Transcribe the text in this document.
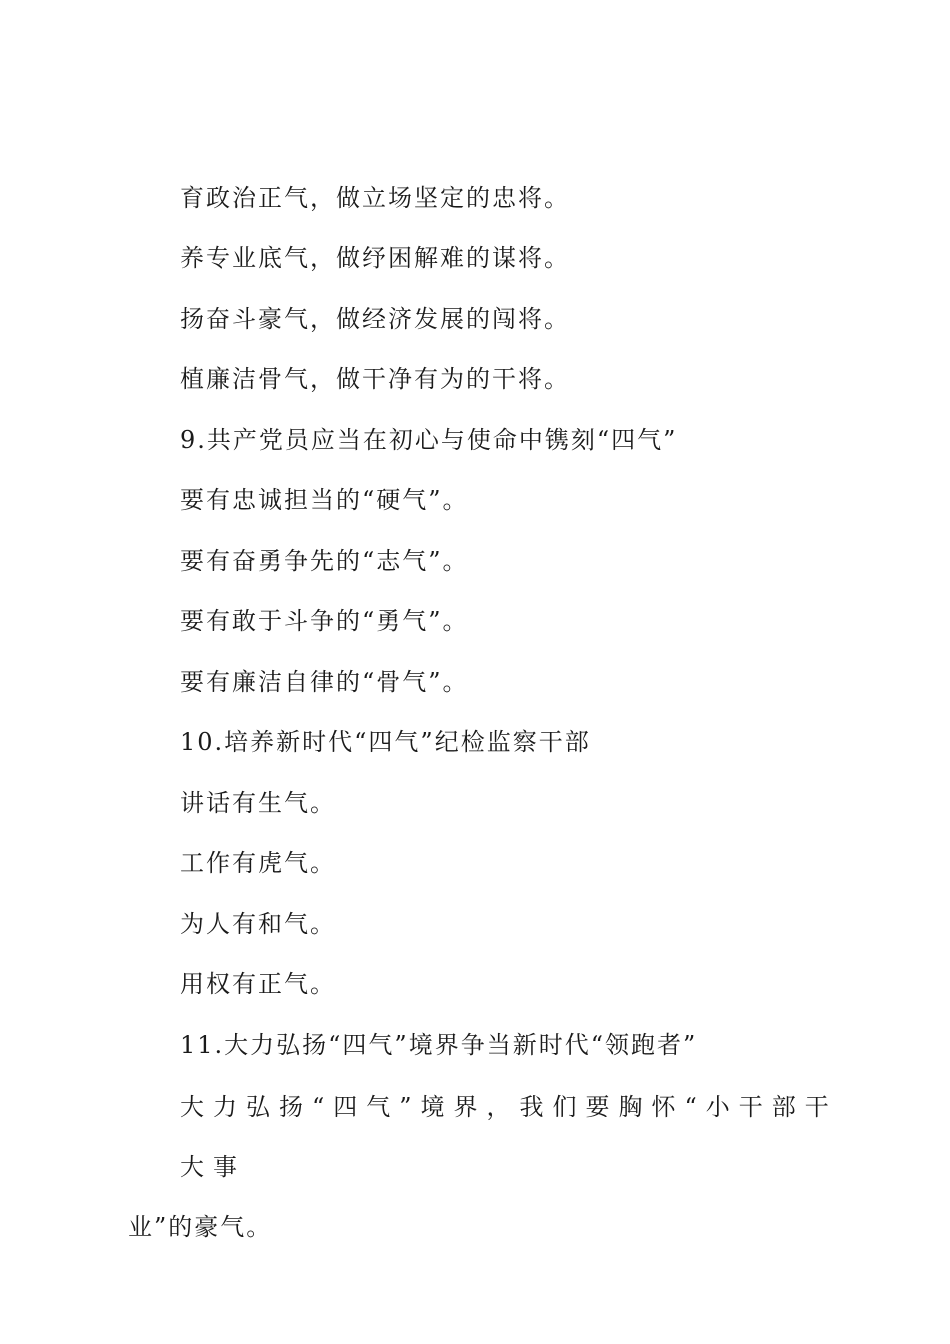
育政治正气，做立场坚定的忠将。
养专业底气，做纾困解难的谋将。
扬奋斗豪气，做经济发展的闯将。
植廉洁骨气，做干净有为的干将。
9.共产党员应当在初心与使命中镌刻“四气”
要有忠诚担当的“硬气”。
要有奋勇争先的“志气”。
要有敢于斗争的“勇气”。
要有廉洁自律的“骨气”。
10.培养新时代“四气”纪检监察干部
讲话有生气。
工作有虎气。
为人有和气。
用权有正气。
11.大力弘扬“四气”境界争当新时代“领跑者”
大力弘扬“四气”境界，我们要胸怀“小干部干大事
业”的豪气。
